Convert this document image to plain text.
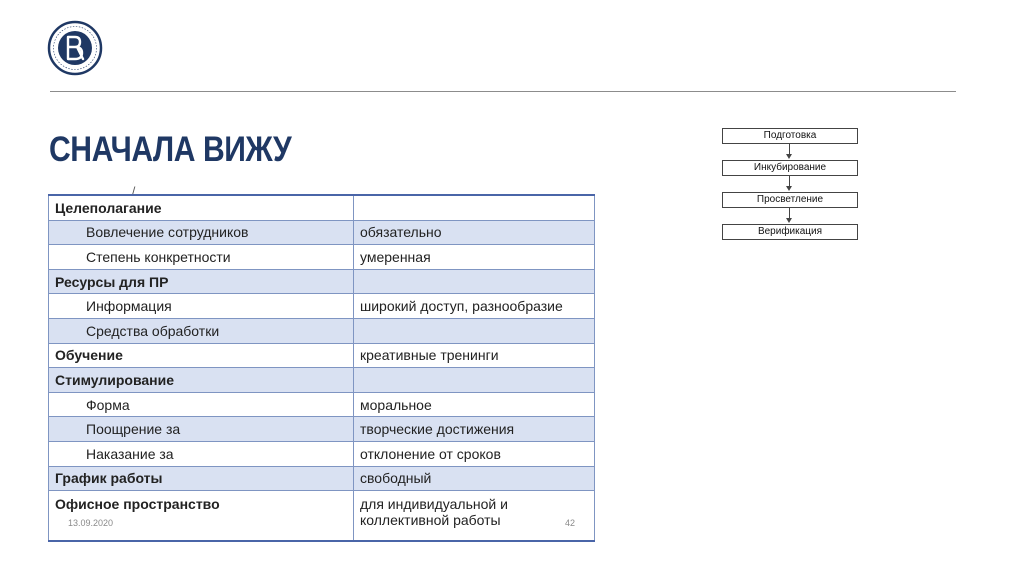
СНАЧАЛА ВИЖУ
/
Целеполагание	
Вовлечение сотрудников	обязательно
Степень конкретности	умеренная
Ресурсы для ПР	
Информация	широкий доступ, разнообразие
Средства обработки	
Обучение	креативные тренинги
Стимулирование	
Форма	моральное
Поощрение за	творческие достижения
Наказание за	отклонение от сроков
График работы	свободный
Офисное пространство	для индивидуальной и коллективной работы
13.09.2020	42
Подготовка
Инкубирование
Просветление
Верификация
